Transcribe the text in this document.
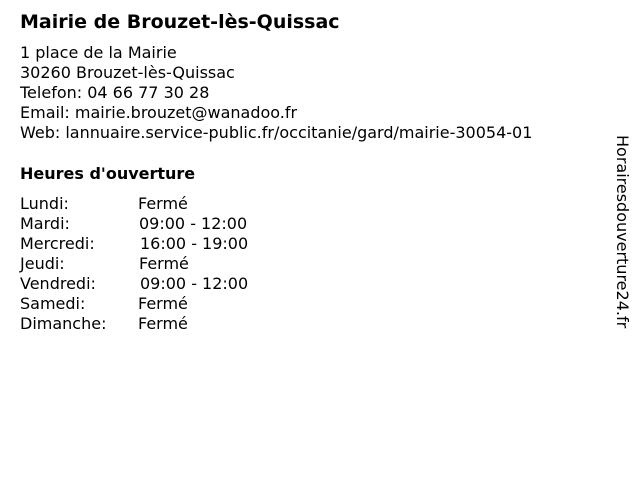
Mairie de Brouzet-lès-Quissac
1 place de la Mairie
30260 Brouzet-lès-Quissac
Telefon: 04 66 77 30 28
Email: mairie.brouzet@wanadoo.fr
Web: lannuaire.service-public.fr/occitanie/gard/mairie-30054-01
Heures d'ouverture
Lundi:	Fermé
Mardi:	09:00 - 12:00
Mercredi:	16:00 - 19:00
Jeudi:	Fermé
Vendredi:	09:00 - 12:00
Samedi:	Fermé
Dimanche: Fermé	Horairesdouverture24.fr
